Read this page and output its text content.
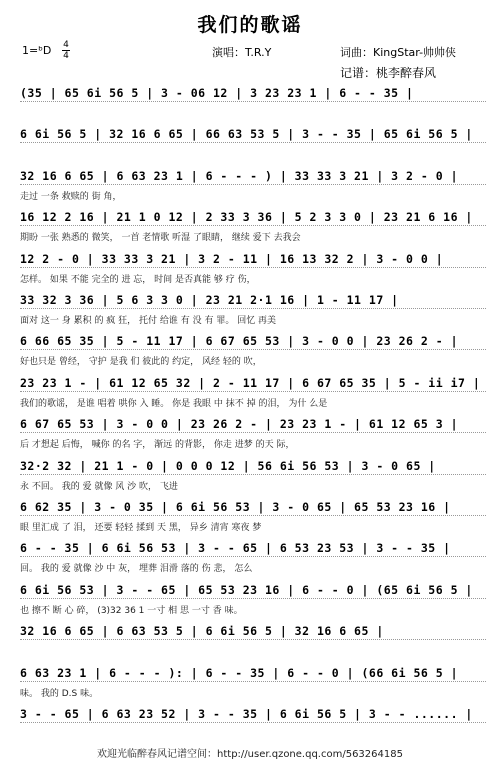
我们的歌谣
1=ᵇD 4
4	演唱：T.R.Y	词曲：KingStar-帅帅侠
记谱：桃李醉春风
(35 | 65 6i 56 5 | 3 - 06 12 | 3 23 23 1 | 6 - - 35 |
6 6i 56 5 | 32 16 6 65 | 66 63 53 5 | 3 - - 35 | 65 6i 56 5 |
32 16 6 65 | 6 63 23 1 | 6 - - - ) | 33 33 3 21 | 3 2 - 0 |
走过 一条 救赎的 街 角，
16 12 2 16 | 21 1 0 12 | 2 33 3 36 | 5 2 3 3 0 | 23 21 6 16 |
期盼 一张 熟悉的 微笑， 一首 老情歌 听湿 了眼睛， 继续 爱下 去我会
12 2 - 0 | 33 33 3 21 | 3 2 - 11 | 16 13 32 2 | 3 - 0 0 |
怎样。 如果 不能 完全的 进 忘， 时间 是否真能 够 疗 伤，
33 32 3 36 | 5 6 3 3 0 | 23 21 2·1 16 | 1 - 11 17 |
面对 这一 身 累积 的 疯 狂， 托付 给谁 有 没 有 罪。 回忆 再美
6 66 65 35 | 5 - 11 17 | 6 67 65 53 | 3 - 0 0 | 23 26 2 - |
好也只是 曾经， 守护 是我 们 彼此的 约定， 风经 轻的 吹，
23 23 1 - | 61 12 65 32 | 2 - 11 17 | 6 67 65 35 | 5 - ii i7 |
我们的歌谣， 是谁 唱着 哄你 入 睡。 你是 我眼 中 抹不 掉 的泪， 为什 么是
6 67 65 53 | 3 - 0 0 | 23 26 2 - | 23 23 1 - | 61 12 65 3 |
后 才想起 后悔， 喊你 的名 字， 渐远 的背影， 你走 进梦 的天 际，
32·2 32 | 21 1 - 0 | 0 0 0 12 | 56 6i 56 53 | 3 - 0 65 |
永 不回。 我的 爱 就像 风 沙 吹， 飞进
6 62 35 | 3 - 0 35 | 6 6i 56 53 | 3 - 0 65 | 65 53 23 16 |
眼 里汇成 了 泪， 还要 轻轻 揉到 天 黑， 异乡 清宵 寒夜 梦
6 - - 35 | 6 6i 56 53 | 3 - - 65 | 6 53 23 53 | 3 - - 35 |
回。 我的 爱 就像 沙 中 灰， 埋葬 泪滑 落的 伤 悲， 怎么
6 6i 56 53 | 3 - - 65 | 65 53 23 16 | 6 - - 0 | (65 6i 56 5 |
也 擦不 断 心 碎， (3)32 36 1 一寸 相 思 一寸 香 味。
32 16 6 65 | 6 63 53 5 | 6 6i 56 5 | 32 16 6 65 |
6 63 23 1 | 6 - - - ): | 6 - - 35 | 6 - - 0 | (66 6i 56 5 |
味。 我的 D.S 味。
3 - - 65 | 6 63 23 52 | 3 - - 35 | 6 6i 56 5 | 3 - - ...... |
欢迎光临醉春风记谱空间：http://user.qzone.qq.com/563264185
